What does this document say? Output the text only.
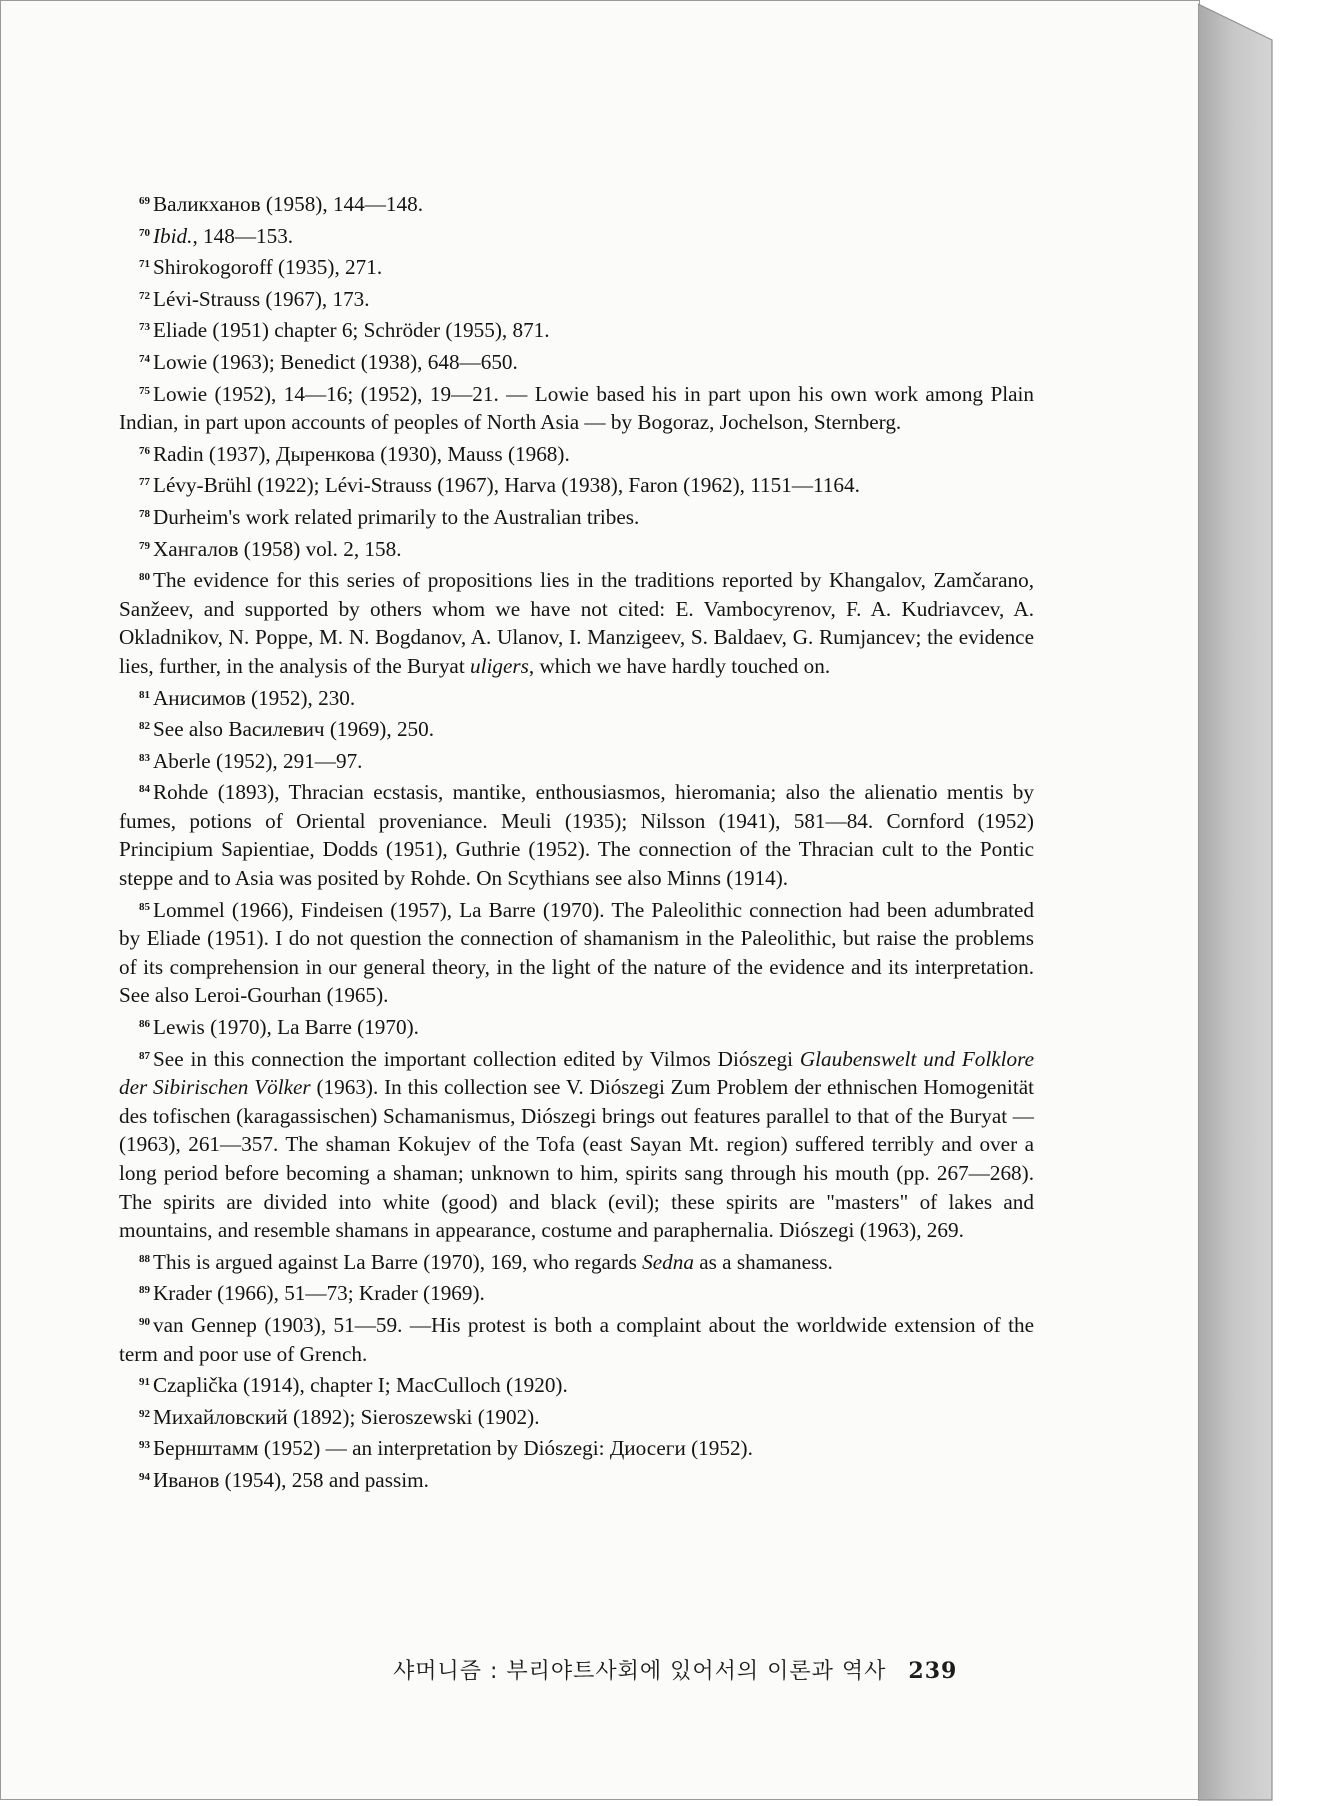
$^{69}$ Валикханов (1958), 144—148.

$^{70}$ Ibid., 148—153.

$^{71}$ Shirokogoroff (1935), 271.

$^{72}$ Lévi-Strauss (1967), 173.

$^{73}$ Eliade (1951) chapter 6; Schröder (1955), 871.

$^{74}$ Lowie (1963); Benedict (1938), 648—650.

$^{75}$ Lowie (1952), 14—16; (1952), 19—21. — Lowie based his in part upon his own work among Plain Indian, in part upon accounts of peoples of North Asia — by Bogoraz, Jochelson, Sternberg.

$^{76}$ Radin (1937), Дыренкова (1930), Mauss (1968).

$^{77}$ Lévy-Brühl (1922); Lévi-Strauss (1967), Harva (1938), Faron (1962), 1151—1164.

$^{78}$ Durheim's work related primarily to the Australian tribes.

$^{79}$ Хангалов (1958) vol. 2, 158.

$^{80}$ The evidence for this series of propositions lies in the traditions reported by Khangalov, Zamčarano, Sanžeev, and supported by others whom we have not cited: E. Vambocyrenov, F. A. Kudriavcev, A. Okladnikov, N. Poppe, M. N. Bogdanov, A. Ulanov, I. Manzigeev, S. Baldaev, G. Rumjancev; the evidence lies, further, in the analysis of the Buryat uligers, which we have hardly touched on.

$^{81}$ Анисимов (1952), 230.

$^{82}$ See also Василевич (1969), 250.

$^{83}$ Aberle (1952), 291—97.

$^{84}$ Rohde (1893), Thracian ecstasis, mantike, enthousiasmos, hieromania; also the alienatio mentis by fumes, potions of Oriental proveniance. Meuli (1935); Nilsson (1941), 581—84. Cornford (1952) Principium Sapientiae, Dodds (1951), Guthrie (1952). The connection of the Thracian cult to the Pontic steppe and to Asia was posited by Rohde. On Scythians see also Minns (1914).

$^{85}$ Lommel (1966), Findeisen (1957), La Barre (1970). The Paleolithic connection had been adumbrated by Eliade (1951). I do not question the connection of shamanism in the Paleolithic, but raise the problems of its comprehension in our general theory, in the light of the nature of the evidence and its interpretation. See also Leroi-Gourhan (1965).

$^{86}$ Lewis (1970), La Barre (1970).

$^{87}$ See in this connection the important collection edited by Vilmos Diószegi Glaubenswelt und Folklore der Sibirischen Völker (1963). In this collection see V. Diószegi Zum Problem der ethnischen Homogenität des tofischen (karagassischen) Schamanismus, Diószegi brings out features parallel to that of the Buryat — (1963), 261—357. The shaman Kokujev of the Tofa (east Sayan Mt. region) suffered terribly and over a long period before becoming a shaman; unknown to him, spirits sang through his mouth (pp. 267—268). The spirits are divided into white (good) and black (evil); these spirits are "masters" of lakes and mountains, and resemble shamans in appearance, costume and paraphernalia. Diószegi (1963), 269.

$^{88}$ This is argued against La Barre (1970), 169, who regards Sedna as a shamaness.

$^{89}$ Krader (1966), 51—73; Krader (1969).

$^{90}$ van Gennep (1903), 51—59. —His protest is both a complaint about the worldwide extension of the term and poor use of Grench.

$^{91}$ Czaplička (1914), chapter I; MacCulloch (1920).

$^{92}$ Михайловский (1892); Sieroszewski (1902).

$^{93}$ Бернштамм (1952) — an interpretation by Diószegi: Диосеги (1952).

$^{94}$ Иванов (1954), 258 and passim.

샤머니즘 : 부리야트사회에 있어서의 이론과 역사 239
